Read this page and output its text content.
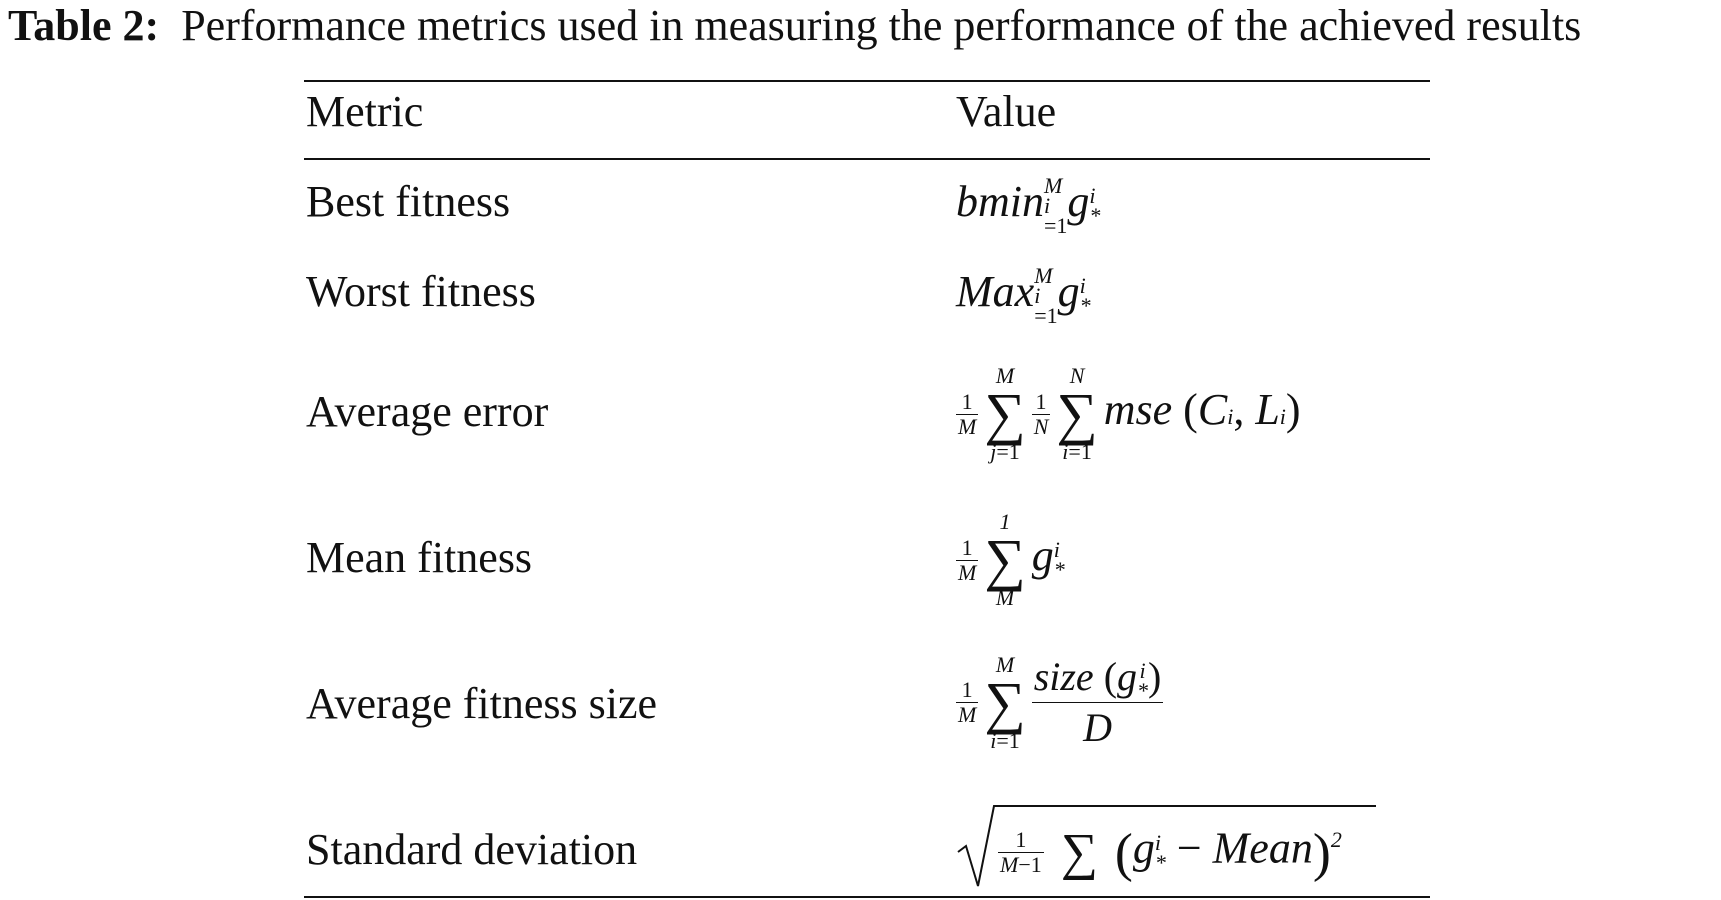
Table 2: Performance metrics used in measuring the performance of the achieved results
Metric	Value
Best fitness	bmin M
i
=1 g i
*
Worst fitness	Max M
i
=1 g i
*
Average error	$\frac{1}{M}$
M
∑
j=1
$\frac{1}{N}$
N
∑
i=1
mse (Ci, Li)
Mean fitness	$\frac{1}{M}$
1
∑
M
g i
*
Average fitness size	$\frac{1}{M}$
M
∑
i=1 size (g i
* )
D
Standard deviation	$\frac{1}{M-1}$ ∑ (g i
* − Mean)$^2$
